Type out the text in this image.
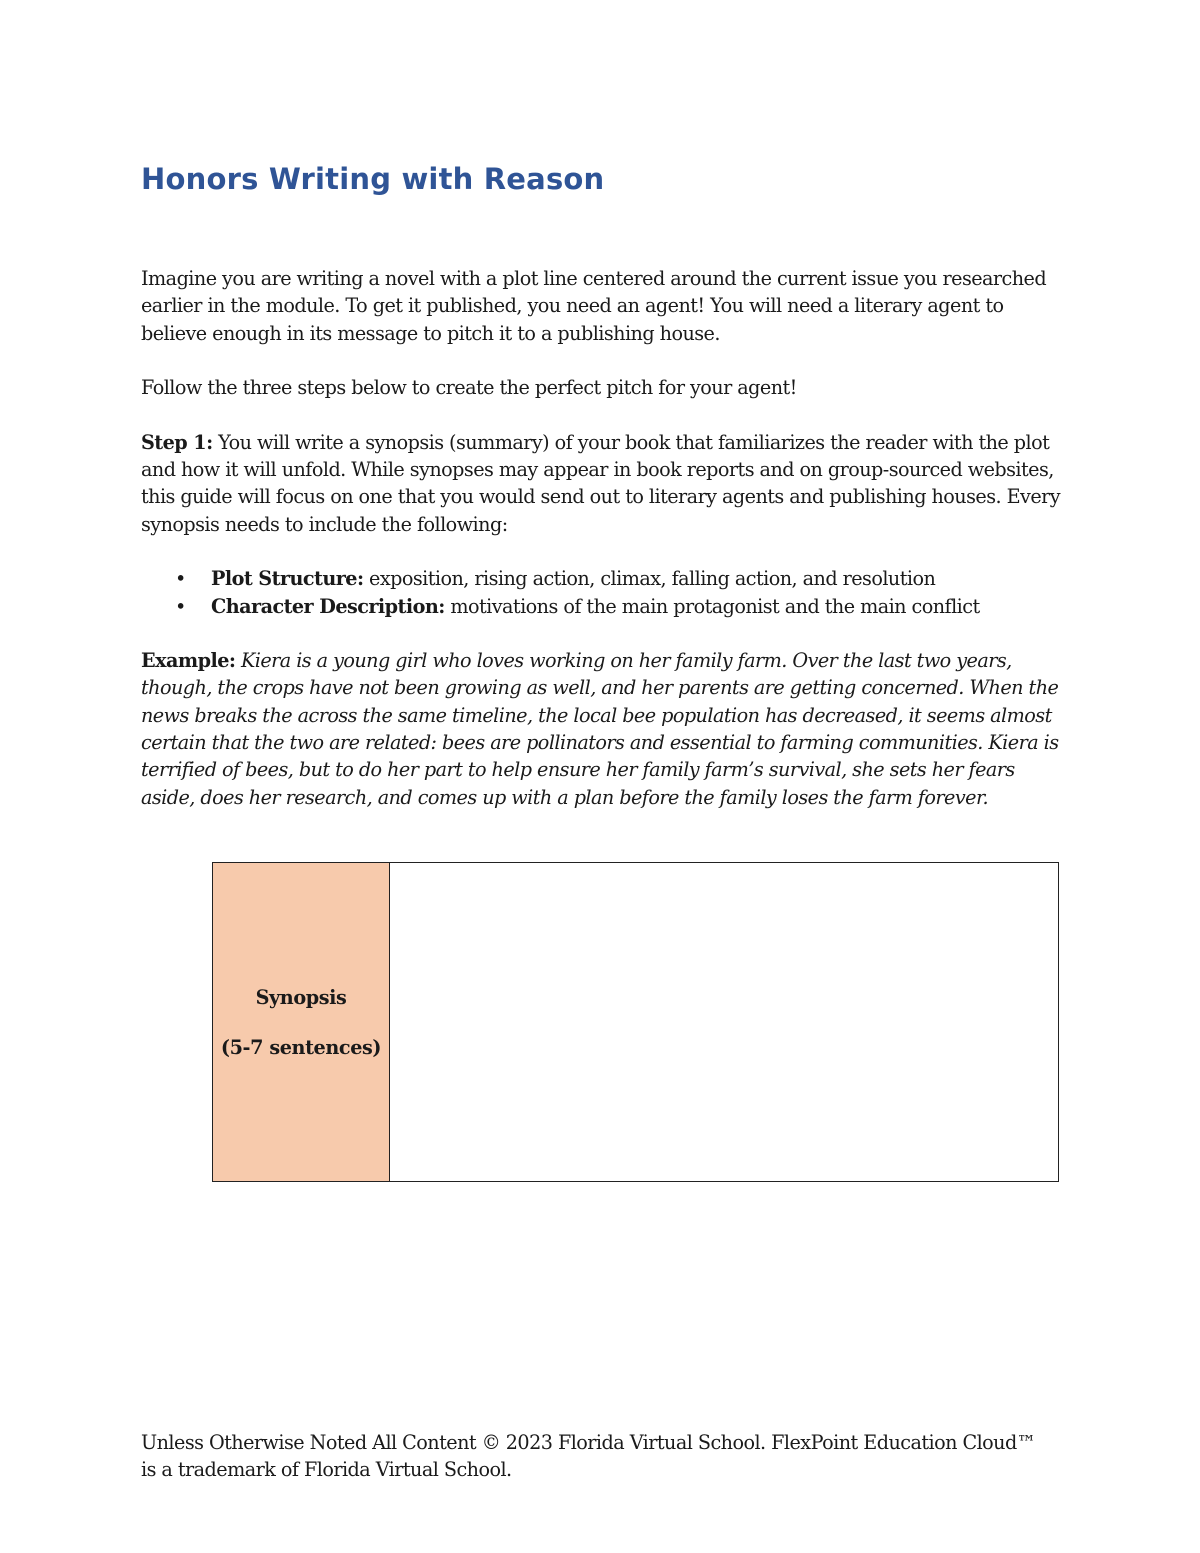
Honors Writing with Reason

Imagine you are writing a novel with a plot line centered around the current issue you researched earlier in the module. To get it published, you need an agent! You will need a literary agent to believe enough in its message to pitch it to a publishing house.

Follow the three steps below to create the perfect pitch for your agent!

Step 1: You will write a synopsis (summary) of your book that familiarizes the reader with the plot and how it will unfold. While synopses may appear in book reports and on group-sourced websites, this guide will focus on one that you would send out to literary agents and publishing houses. Every synopsis needs to include the following:

• Plot Structure: exposition, rising action, climax, falling action, and resolution
• Character Description: motivations of the main protagonist and the main conflict

Example: Kiera is a young girl who loves working on her family farm. Over the last two years, though, the crops have not been growing as well, and her parents are getting concerned. When the news breaks the across the same timeline, the local bee population has decreased, it seems almost certain that the two are related: bees are pollinators and essential to farming communities. Kiera is terrified of bees, but to do her part to help ensure her family farm’s survival, she sets her fears aside, does her research, and comes up with a plan before the family loses the farm forever.

Synopsis
(5-7 sentences)

Unless Otherwise Noted All Content © 2023 Florida Virtual School. FlexPoint Education Cloud™ is a trademark of Florida Virtual School.
